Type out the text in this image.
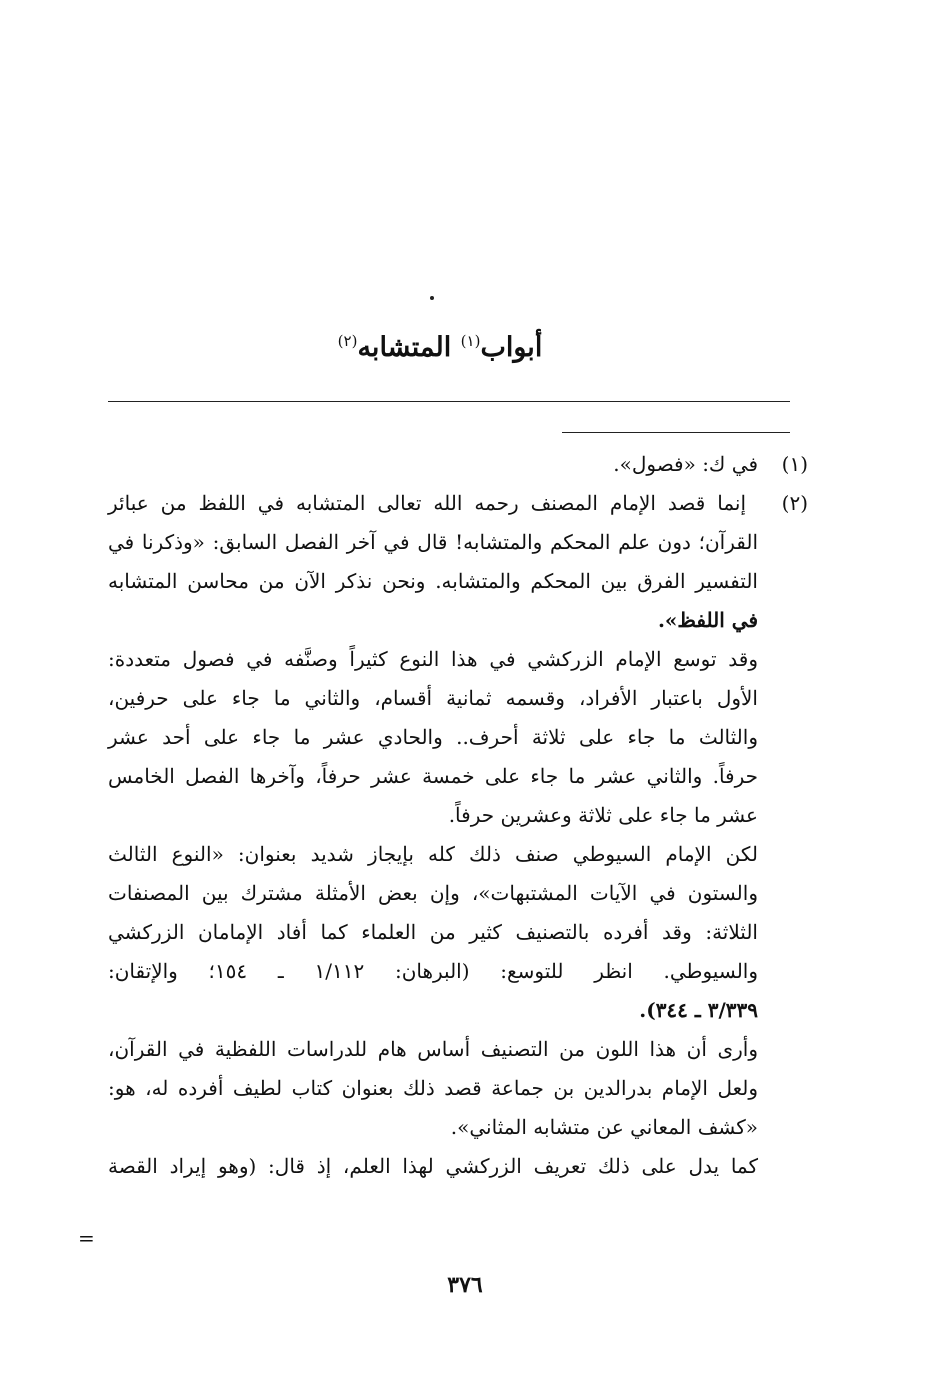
أبواب$^{(١)}$ المتشابه$^{(٢)}$
(١)في ك: «فصول».
(٢) إنما قصد الإمام المصنف رحمه الله تعالى المتشابه في اللفظ من عبائر
القرآن؛ دون علم المحكم والمتشابه! قال في آخر الفصل السابق: «وذكرنا في
التفسير الفرق بين المحكم والمتشابه. ونحن نذكر الآن من محاسن المتشابه
في اللفظ».
وقد توسع الإمام الزركشي في هذا النوع كثيراً وصنَّفه في فصول متعددة:
الأول باعتبار الأفراد، وقسمه ثمانية أقسام، والثاني ما جاء على حرفين،
والثالث ما جاء على ثلاثة أحرف.. والحادي عشر ما جاء على أحد عشر
حرفاً. والثاني عشر ما جاء على خمسة عشر حرفاً، وآخرها الفصل الخامس
عشر ما جاء على ثلاثة وعشرين حرفاً.
لكن الإمام السيوطي صنف ذلك كله بإيجاز شديد بعنوان: «النوع الثالث
والستون في الآيات المشتبهات»، وإن بعض الأمثلة مشترك بين المصنفات
الثلاثة: وقد أفرده بالتصنيف كثير من العلماء كما أفاد الإمامان الزركشي
والسيوطي. انظر للتوسع: (البرهان: ١/١١٢ ـ ١٥٤؛ والإتقان:
٣/٣٣٩ ـ ٣٤٤).
وأرى أن هذا اللون من التصنيف أساس هام للدراسات اللفظية في القرآن،
ولعل الإمام بدرالدين بن جماعة قصد ذلك بعنوان كتاب لطيف أفرده له، هو:
«كشف المعاني عن متشابه المثاني».
كما يدل على ذلك تعريف الزركشي لهذا العلم، إذ قال: (وهو إيراد القصة
=
٣٧٦
